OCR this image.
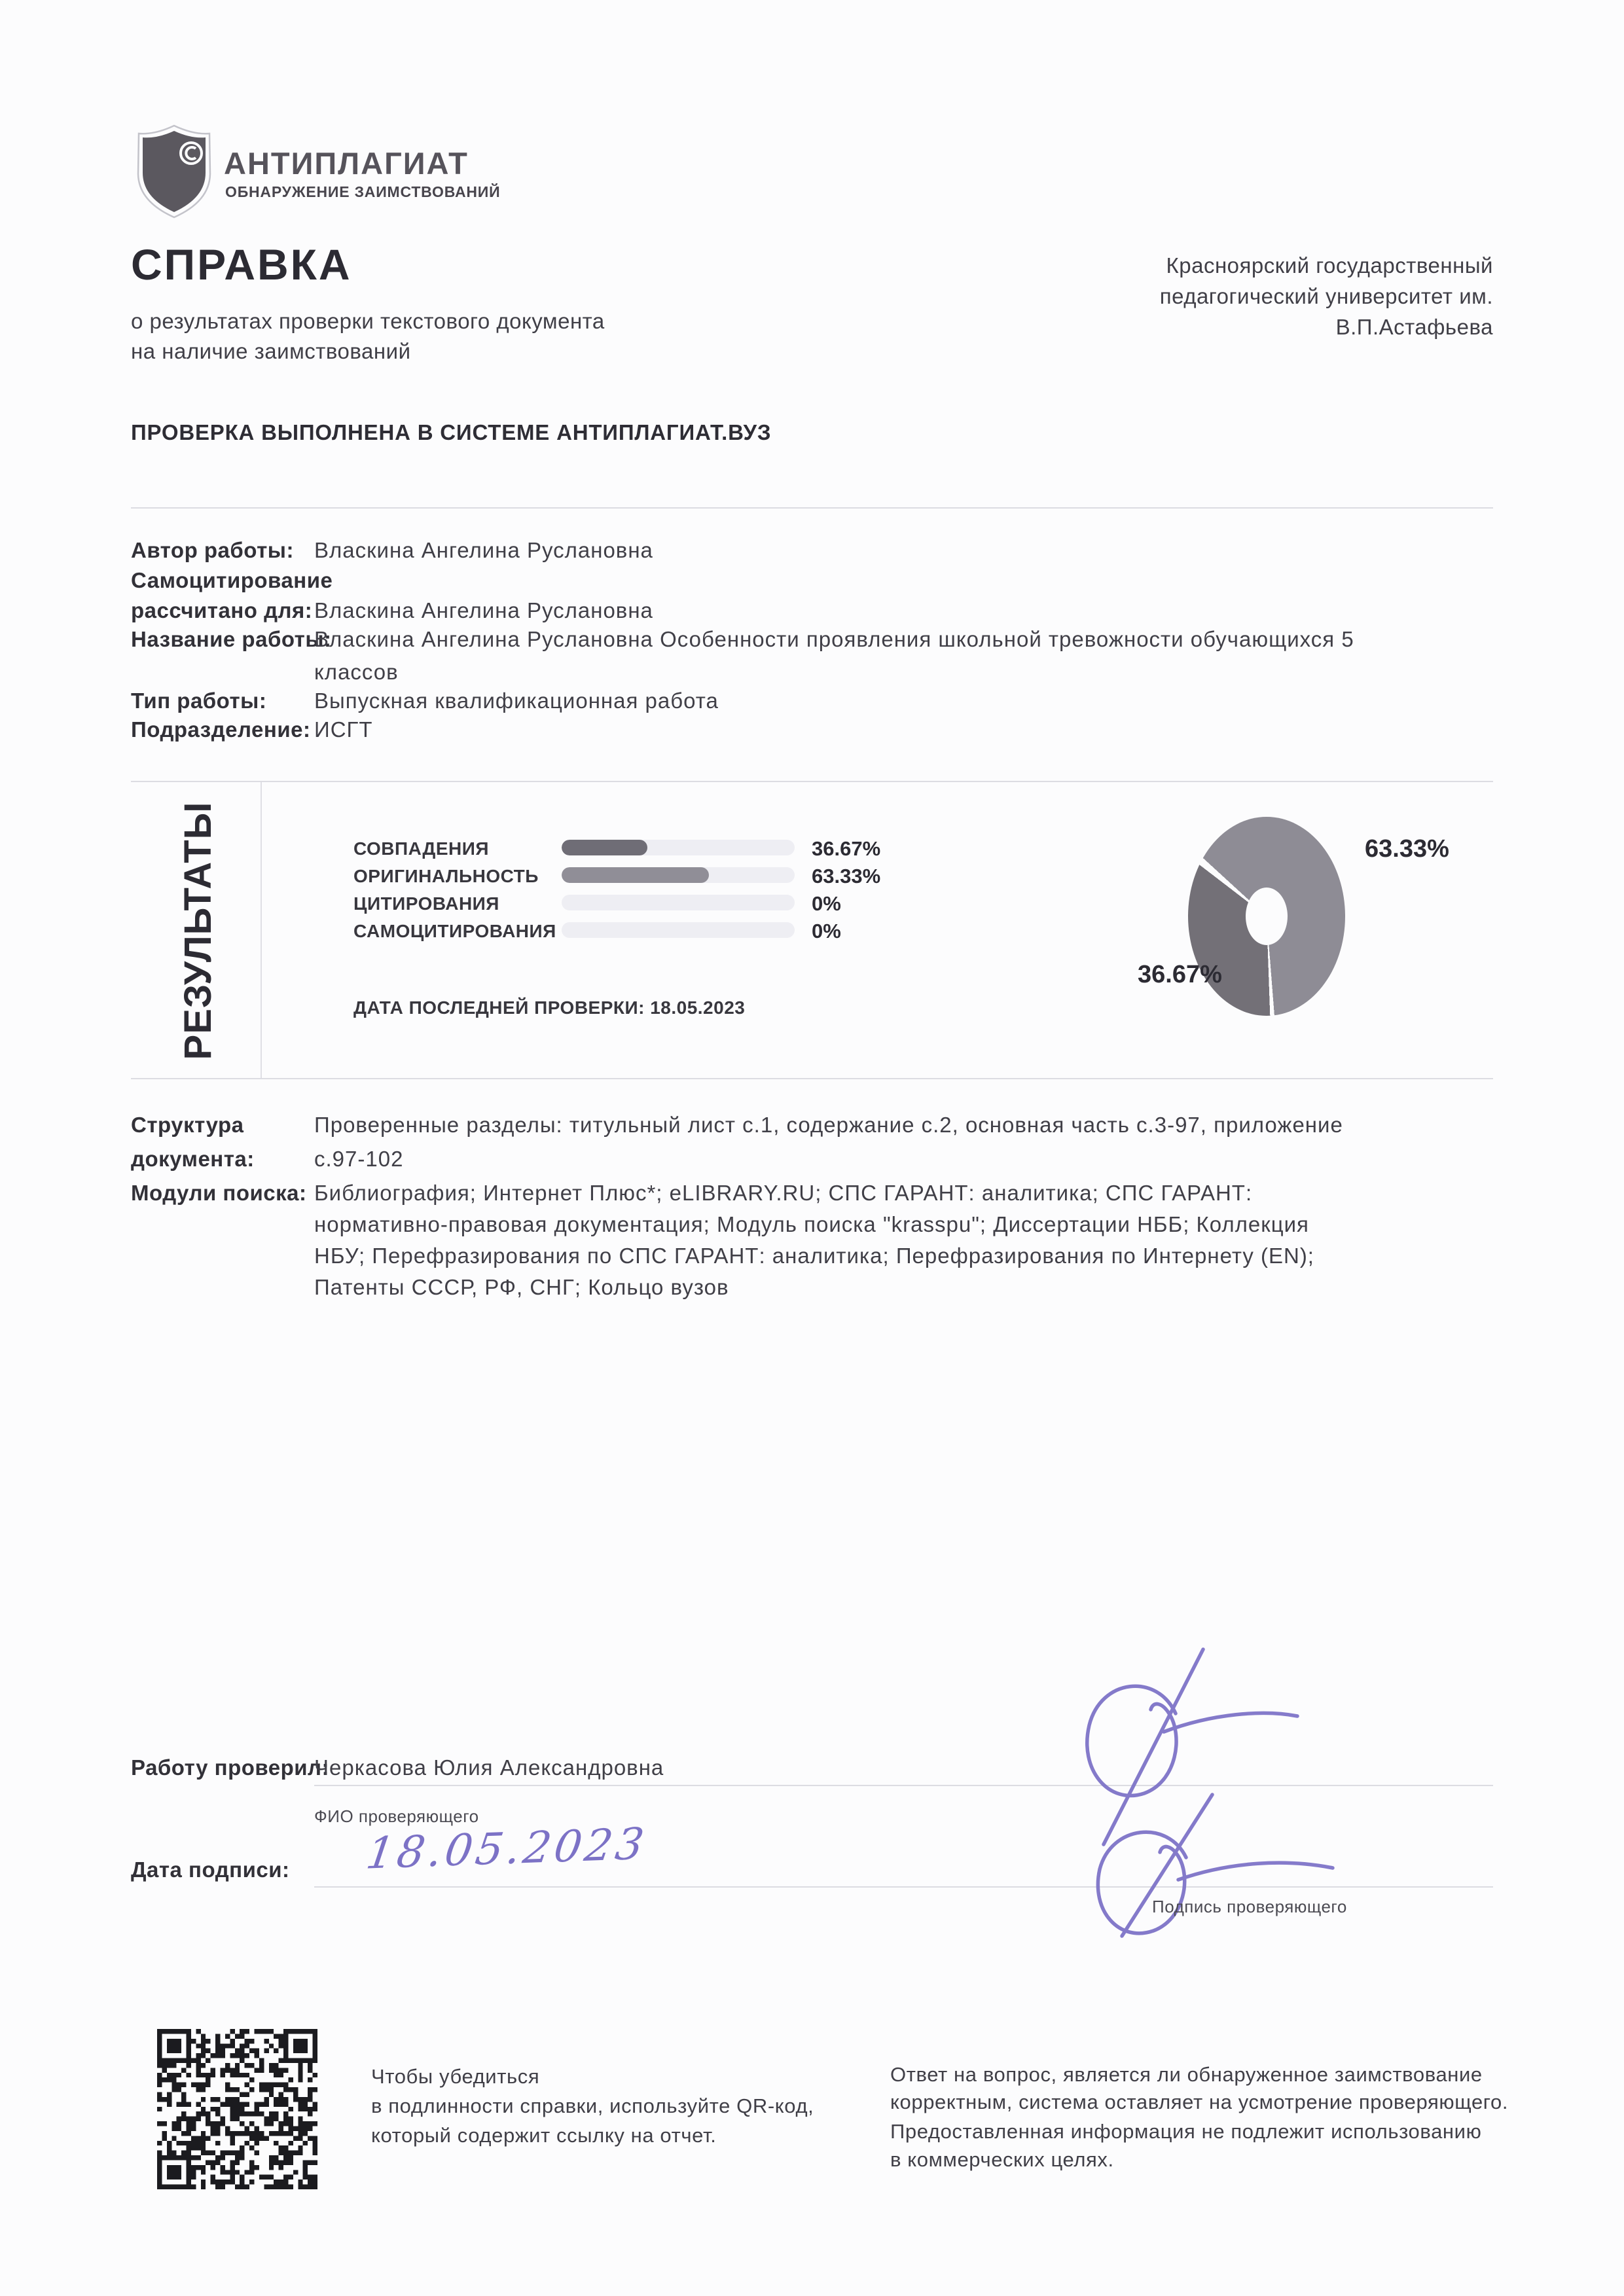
АНТИПЛАГИАТ
ОБНАРУЖЕНИЕ ЗАИМСТВОВАНИЙ
СПРАВКА
о результатах проверки текстового документа
на наличие заимствований
Красноярский государственный
педагогический университет им.
В.П.Астафьева
ПРОВЕРКА ВЫПОЛНЕНА В СИСТЕМЕ АНТИПЛАГИАТ.ВУЗ
Автор работы: Власкина Ангелина Руслановна
Самоцитирование
рассчитано для: Власкина Ангелина Руслановна
Название работы:
Власкина Ангелина Руслановна Особенности проявления школьной тревожности обучающихся 5
классов
Тип работы: Выпускная квалификационная работа
Подразделение: ИСГТ
РЕЗУЛЬТАТЫ	СОВПАДЕНИЯ	36.67%
ОРИГИНАЛЬНОСТЬ	63.33%
ЦИТИРОВАНИЯ	0%
САМОЦИТИРОВАНИЯ	0%
ДАТА ПОСЛЕДНЕЙ ПРОВЕРКИ: 18.05.2023
63.33%
36.67%
Структура
документа:
Проверенные разделы: титульный лист с.1, содержание с.2, основная часть с.3-97, приложение
с.97-102
Модули поиска: Библиография; Интернет Плюс*; eLIBRARY.RU; СПС ГАРАНТ: аналитика; СПС ГАРАНТ:
нормативно-правовая документация; Модуль поиска "krasspu"; Диссертации НББ; Коллекция
НБУ; Перефразирования по СПС ГАРАНТ: аналитика; Перефразирования по Интернету (EN);
Патенты СССР, РФ, СНГ; Кольцо вузов
Работу проверил:
Черкасова Юлия Александровна
ФИО проверяющего
Дата подписи: 18.05.2023
Подпись проверяющего
Чтобы убедиться
в подлинности справки, используйте QR-код,
который содержит ссылку на отчет.
Ответ на вопрос, является ли обнаруженное заимствование
корректным, система оставляет на усмотрение проверяющего.
Предоставленная информация не подлежит использованию
в коммерческих целях.
